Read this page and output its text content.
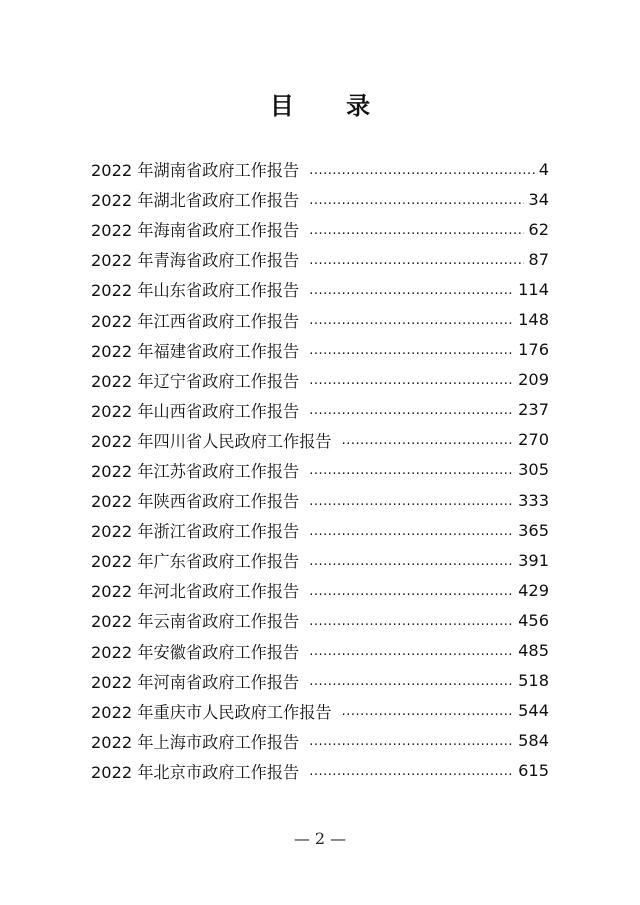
目 录
2022 年湖南省政府工作报告 .....	4
2022 年湖北省政府工作报告 .....	34
2022 年海南省政府工作报告 .....	62
2022 年青海省政府工作报告 .....	87
2022 年山东省政府工作报告 .....	114
2022 年江西省政府工作报告 .....	148
2022 年福建省政府工作报告 .....	176
2022 年辽宁省政府工作报告 .....	209
2022 年山西省政府工作报告 .....	237
2022 年四川省人民政府工作报告 .....	270
2022 年江苏省政府工作报告 .....	305
2022 年陕西省政府工作报告 .....	333
2022 年浙江省政府工作报告 .....	365
2022 年广东省政府工作报告 .....	391
2022 年河北省政府工作报告 .....	429
2022 年云南省政府工作报告 .....	456
2022 年安徽省政府工作报告 .....	485
2022 年河南省政府工作报告 .....	518
2022 年重庆市人民政府工作报告 .....	544
2022 年上海市政府工作报告 .....	584
2022 年北京市政府工作报告 .....	615
— 2 —
